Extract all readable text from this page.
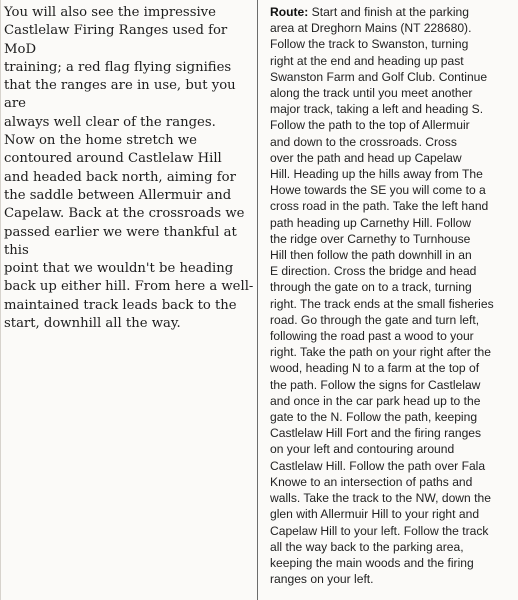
You will also see the impressive
Castlelaw Firing Ranges used for MoD
training; a red flag flying signifies
that the ranges are in use, but you are
always well clear of the ranges.

Now on the home stretch we
contoured around Castlelaw Hill
and headed back north, aiming for
the saddle between Allermuir and
Capelaw. Back at the crossroads we
passed earlier we were thankful at this
point that we wouldn't be heading
back up either hill. From here a well-
maintained track leads back to the
start, downhill all the way.

Route: Start and finish at the parking
area at Dreghorn Mains (NT 228680).
Follow the track to Swanston, turning
right at the end and heading up past
Swanston Farm and Golf Club. Continue
along the track until you meet another
major track, taking a left and heading S.
Follow the path to the top of Allermuir
and down to the crossroads. Cross
over the path and head up Capelaw
Hill. Heading up the hills away from The
Howe towards the SE you will come to a
cross road in the path. Take the left hand
path heading up Carnethy Hill. Follow
the ridge over Carnethy to Turnhouse
Hill then follow the path downhill in an
E direction. Cross the bridge and head
through the gate on to a track, turning
right. The track ends at the small fisheries
road. Go through the gate and turn left,
following the road past a wood to your
right. Take the path on your right after the
wood, heading N to a farm at the top of
the path. Follow the signs for Castlelaw
and once in the car park head up to the
gate to the N. Follow the path, keeping
Castlelaw Hill Fort and the firing ranges
on your left and contouring around
Castlelaw Hill. Follow the path over Fala
Knowe to an intersection of paths and
walls. Take the track to the NW, down the
glen with Allermuir Hill to your right and
Capelaw Hill to your left. Follow the track
all the way back to the parking area,
keeping the main woods and the firing
ranges on your left.
